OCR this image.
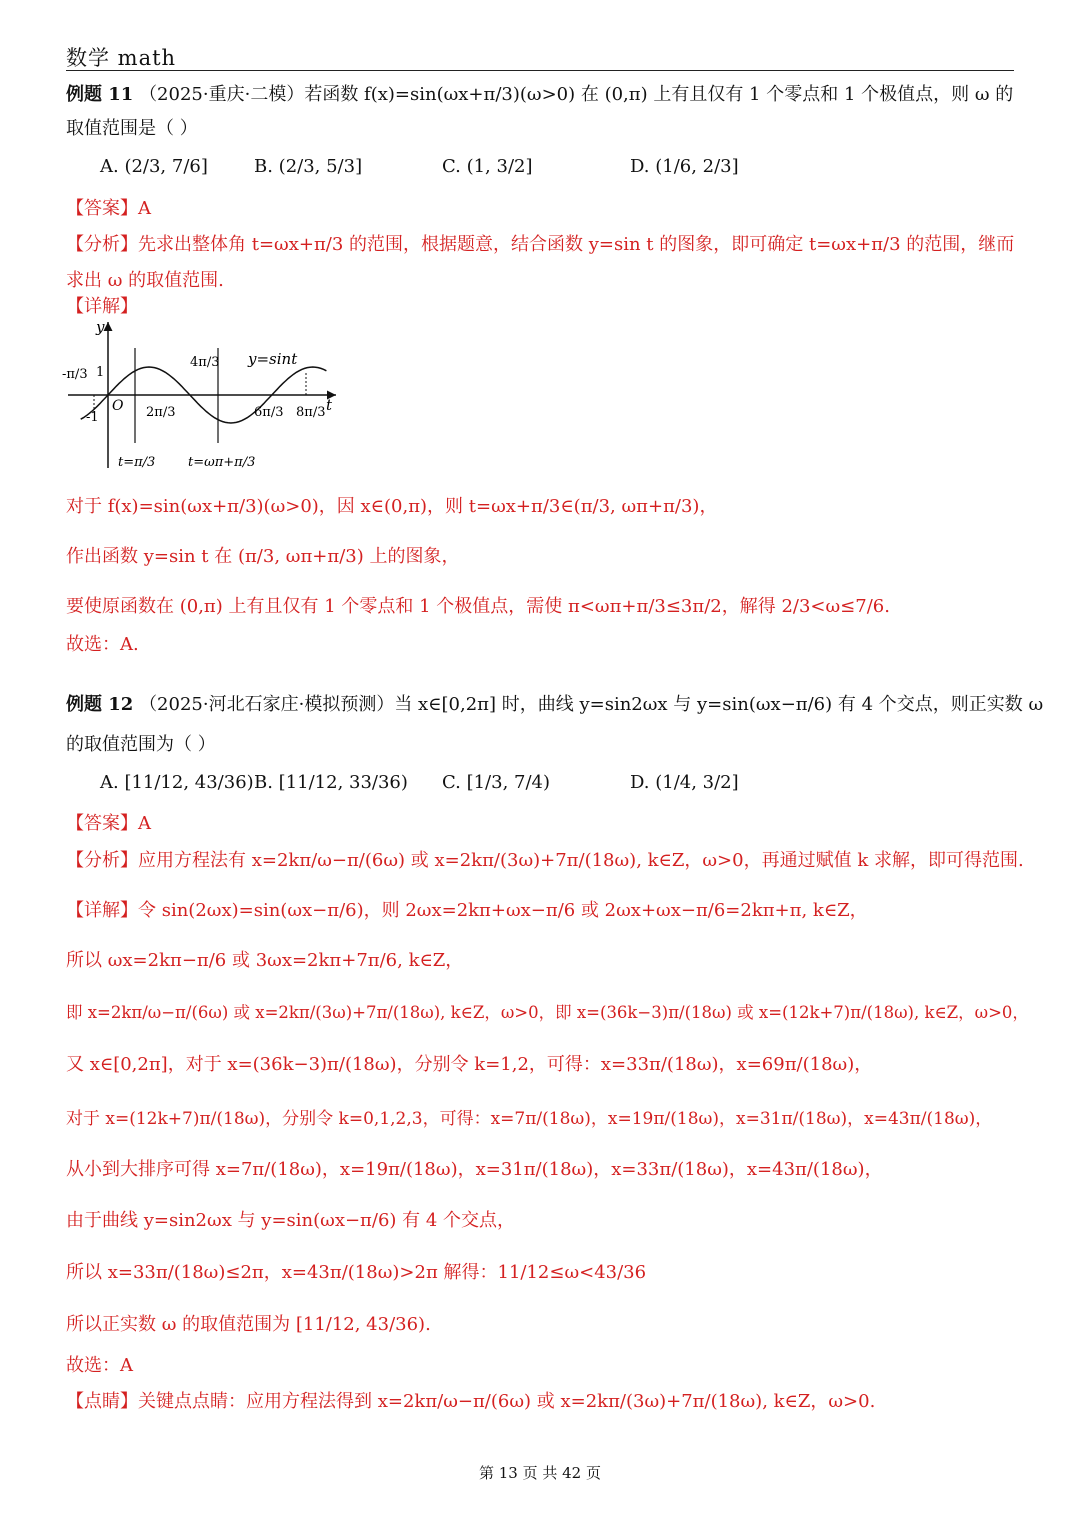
数学 math
例题 11 （2025·重庆·二模）若函数 f(x)=sin(ωx+π/3)(ω>0) 在 (0,π) 上有且仅有 1 个零点和 1 个极值点，则 ω 的
取值范围是（ ）
A. (2/3, 7/6]	B. (2/3, 5/3]	C. (1, 3/2]	D. (1/6, 2/3]
【答案】A
【分析】先求出整体角 t=ωx+π/3 的范围，根据题意，结合函数 y=sin t 的图象，即可确定 t=ωx+π/3 的范围，继而
求出 ω 的取值范围.
【详解】
对于 f(x)=sin(ωx+π/3)(ω>0)，因 x∈(0,π)，则 t=ωx+π/3∈(π/3, ωπ+π/3)，
作出函数 y=sin t 在 (π/3, ωπ+π/3) 上的图象，
要使原函数在 (0,π) 上有且仅有 1 个零点和 1 个极值点，需使 π<ωπ+π/3≤3π/2，解得 2/3<ω≤7/6.
故选：A.
例题 12 （2025·河北石家庄·模拟预测）当 x∈[0,2π] 时，曲线 y=sin2ωx 与 y=sin(ωx−π/6) 有 4 个交点，则正实数 ω
的取值范围为（ ）
A. [11/12, 43/36) B. [11/12, 33/36) C. [1/3, 7/4)	D. (1/4, 3/2]
【答案】A
【分析】应用方程法有 x=2kπ/ω−π/(6ω) 或 x=2kπ/(3ω)+7π/(18ω), k∈Z，ω>0，再通过赋值 k 求解，即可得范围.
【详解】令 sin(2ωx)=sin(ωx−π/6)，则 2ωx=2kπ+ωx−π/6 或 2ωx+ωx−π/6=2kπ+π, k∈Z，
所以 ωx=2kπ−π/6 或 3ωx=2kπ+7π/6, k∈Z，
即 x=2kπ/ω−π/(6ω) 或 x=2kπ/(3ω)+7π/(18ω), k∈Z，ω>0，即 x=(36k−3)π/(18ω) 或 x=(12k+7)π/(18ω), k∈Z，ω>0，
又 x∈[0,2π]，对于 x=(36k−3)π/(18ω)，分别令 k=1,2，可得：x=33π/(18ω)，x=69π/(18ω)，
对于 x=(12k+7)π/(18ω)，分别令 k=0,1,2,3，可得：x=7π/(18ω)，x=19π/(18ω)，x=31π/(18ω)，x=43π/(18ω)，
从小到大排序可得 x=7π/(18ω)，x=19π/(18ω)，x=31π/(18ω)，x=33π/(18ω)，x=43π/(18ω)，
由于曲线 y=sin2ωx 与 y=sin(ωx−π/6) 有 4 个交点，
所以 x=33π/(18ω)≤2π，x=43π/(18ω)>2π 解得：11/12≤ω<43/36
所以正实数 ω 的取值范围为 [11/12, 43/36).
故选：A
【点睛】关键点点睛：应用方程法得到 x=2kπ/ω−π/(6ω) 或 x=2kπ/(3ω)+7π/(18ω), k∈Z，ω>0.
y
t
O
-π/3 1
-1
4π/3
2π/3	6π/3 8π/3
y=sint
t=π/3	t=ωπ+π/3
第 13 页 共 42 页
